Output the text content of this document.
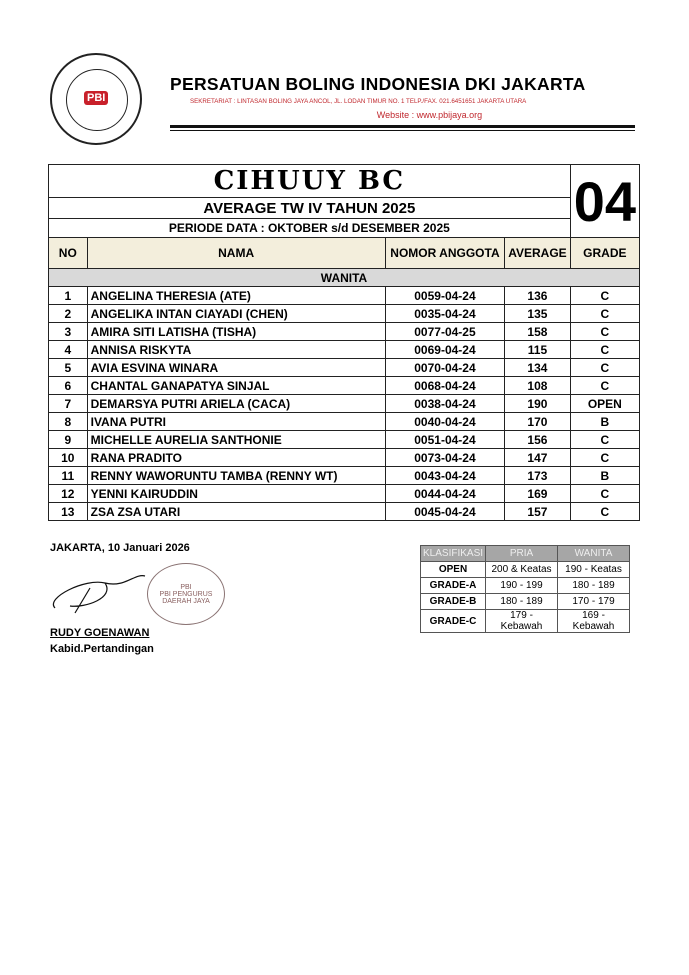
PBI
PERSATUAN BOLING INDONESIA DKI JAKARTA
SEKRETARIAT : LINTASAN BOLING JAYA ANCOL, JL. LODAN TIMUR NO. 1 TELP./FAX. 021.6451651 JAKARTA UTARA
Website : www.pbijaya.org
CIHUUY BC				04
AVERAGE TW IV TAHUN 2025				
PERIODE DATA : OKTOBER s/d DESEMBER 2025				
NO	NAMA	NOMOR ANGGOTA	AVERAGE	GRADE
WANITA				
1	ANGELINA THERESIA (ATE)	0059-04-24	136	C
2	ANGELIKA INTAN CIAYADI (CHEN)	0035-04-24	135	C
3	AMIRA SITI LATISHA (TISHA)	0077-04-25	158	C
4	ANNISA RISKYTA	0069-04-24	115	C
5	AVIA ESVINA WINARA	0070-04-24	134	C
6	CHANTAL GANAPATYA SINJAL	0068-04-24	108	C
7	DEMARSYA PUTRI ARIELA (CACA)	0038-04-24	190	OPEN
8	IVANA PUTRI	0040-04-24	170	B
9	MICHELLE AURELIA SANTHONIE	0051-04-24	156	C
10	RANA PRADITO	0073-04-24	147	C
11	RENNY WAWORUNTU TAMBA (RENNY WT)	0043-04-24	173	B
12	YENNI KAIRUDDIN	0044-04-24	169	C
13	ZSA ZSA UTARI	0045-04-24	157	C
JAKARTA, 10 Januari 2026
PBI
PBI PENGURUS DAERAH JAYA
RUDY GOENAWAN
Kabid.Pertandingan
KLASIFIKASI	PRIA	WANITA
OPEN	200 & Keatas	190 - Keatas
GRADE-A	190 - 199	180 - 189
GRADE-B	180 - 189	170 - 179
GRADE-C	179 - Kebawah	169 - Kebawah
